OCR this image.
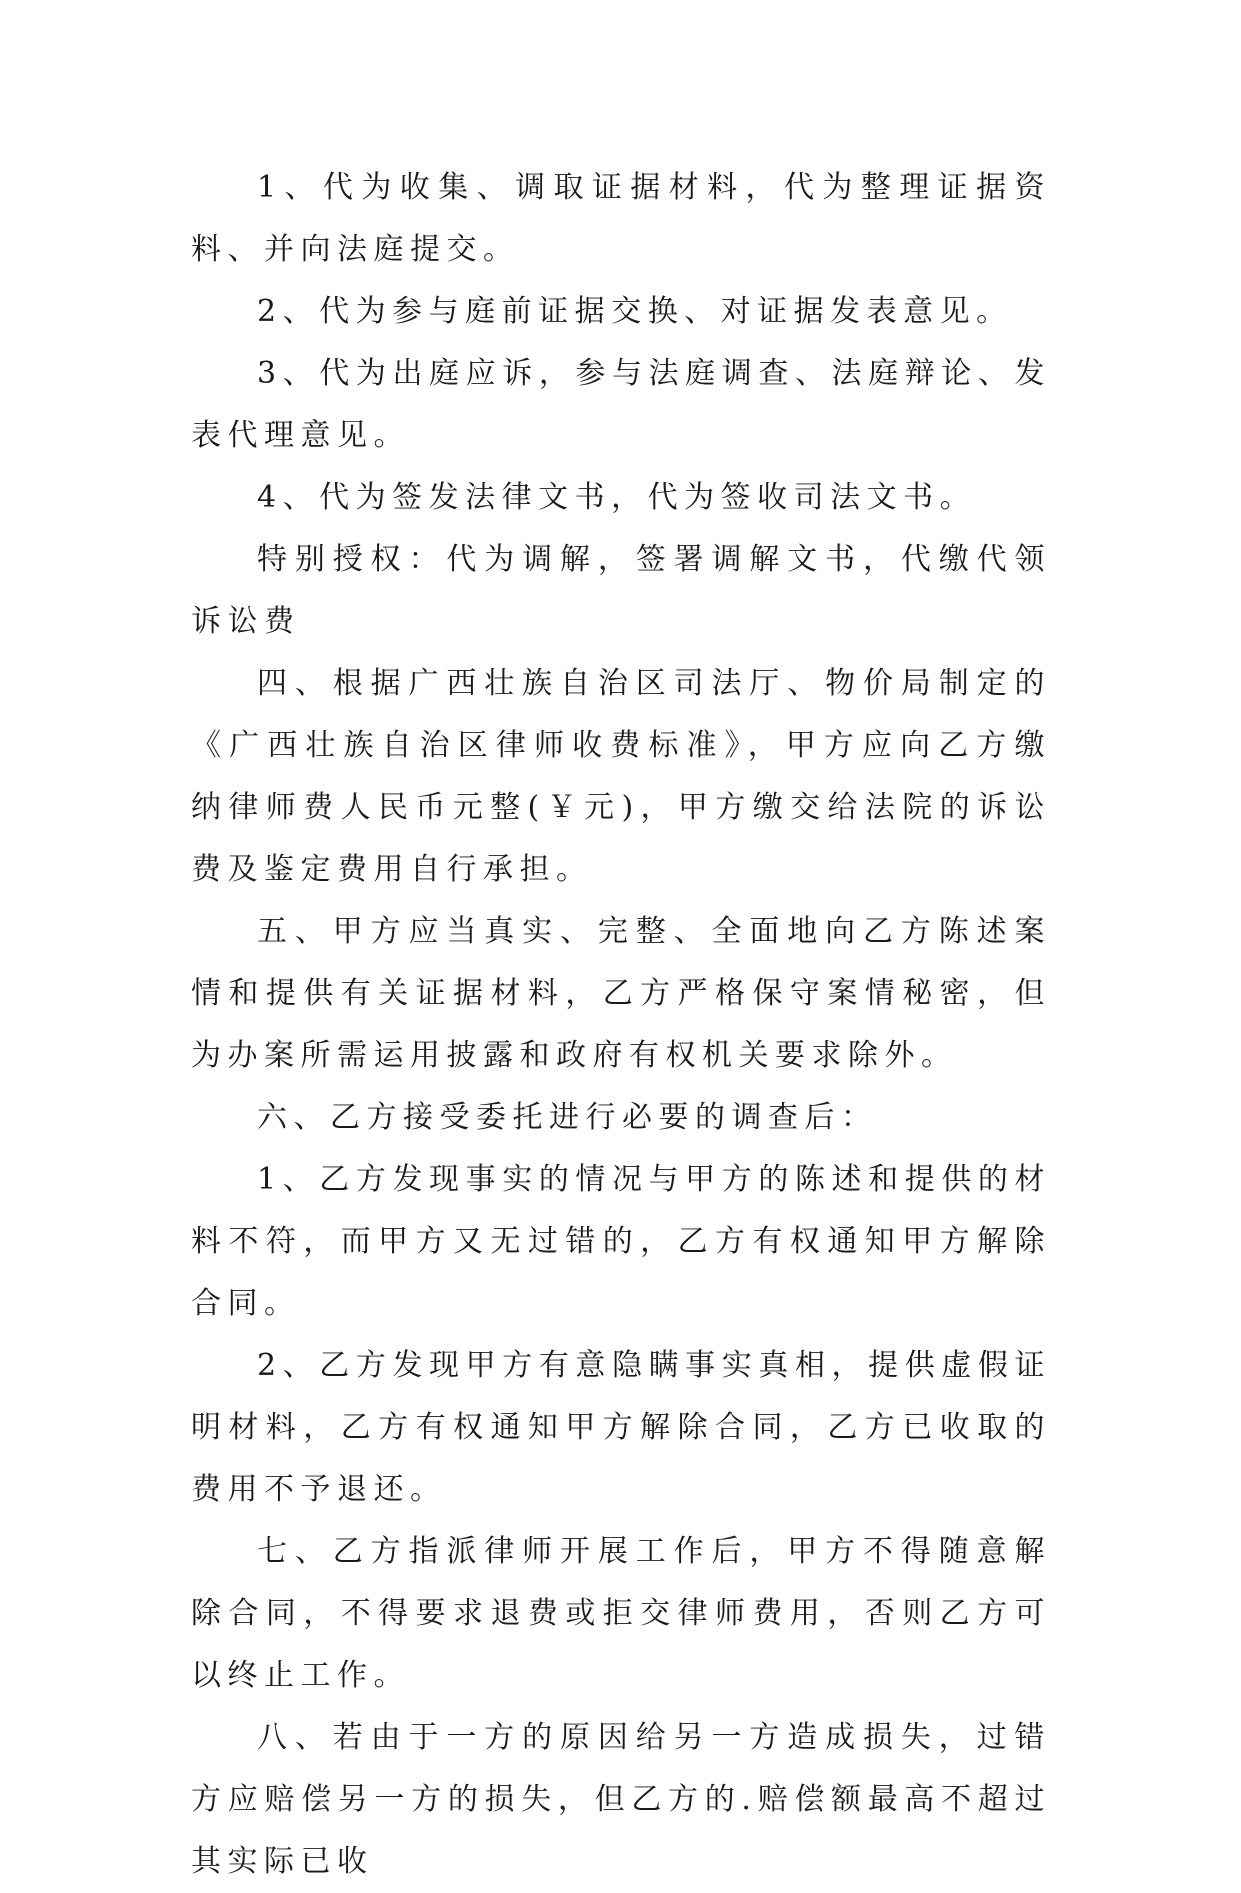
1、代为收集、调取证据材料，代为整理证据资料、并向法庭提交。

2、代为参与庭前证据交换、对证据发表意见。

3、代为出庭应诉，参与法庭调查、法庭辩论、发表代理意见。

4、代为签发法律文书，代为签收司法文书。

特别授权：代为调解，签署调解文书，代缴代领诉讼费

四、根据广西壮族自治区司法厅、物价局制定的《广西壮族自治区律师收费标准》，甲方应向乙方缴纳律师费人民币元整(￥元)，甲方缴交给法院的诉讼费及鉴定费用自行承担。

五、甲方应当真实、完整、全面地向乙方陈述案情和提供有关证据材料，乙方严格保守案情秘密，但为办案所需运用披露和政府有权机关要求除外。

六、乙方接受委托进行必要的调查后：

1、乙方发现事实的情况与甲方的陈述和提供的材料不符，而甲方又无过错的，乙方有权通知甲方解除合同。

2、乙方发现甲方有意隐瞒事实真相，提供虚假证明材料，乙方有权通知甲方解除合同，乙方已收取的费用不予退还。

七、乙方指派律师开展工作后，甲方不得随意解除合同，不得要求退费或拒交律师费用，否则乙方可以终止工作。

八、若由于一方的原因给另一方造成损失，过错方应赔偿另一方的损失，但乙方的.赔偿额最高不超过其实际已收
